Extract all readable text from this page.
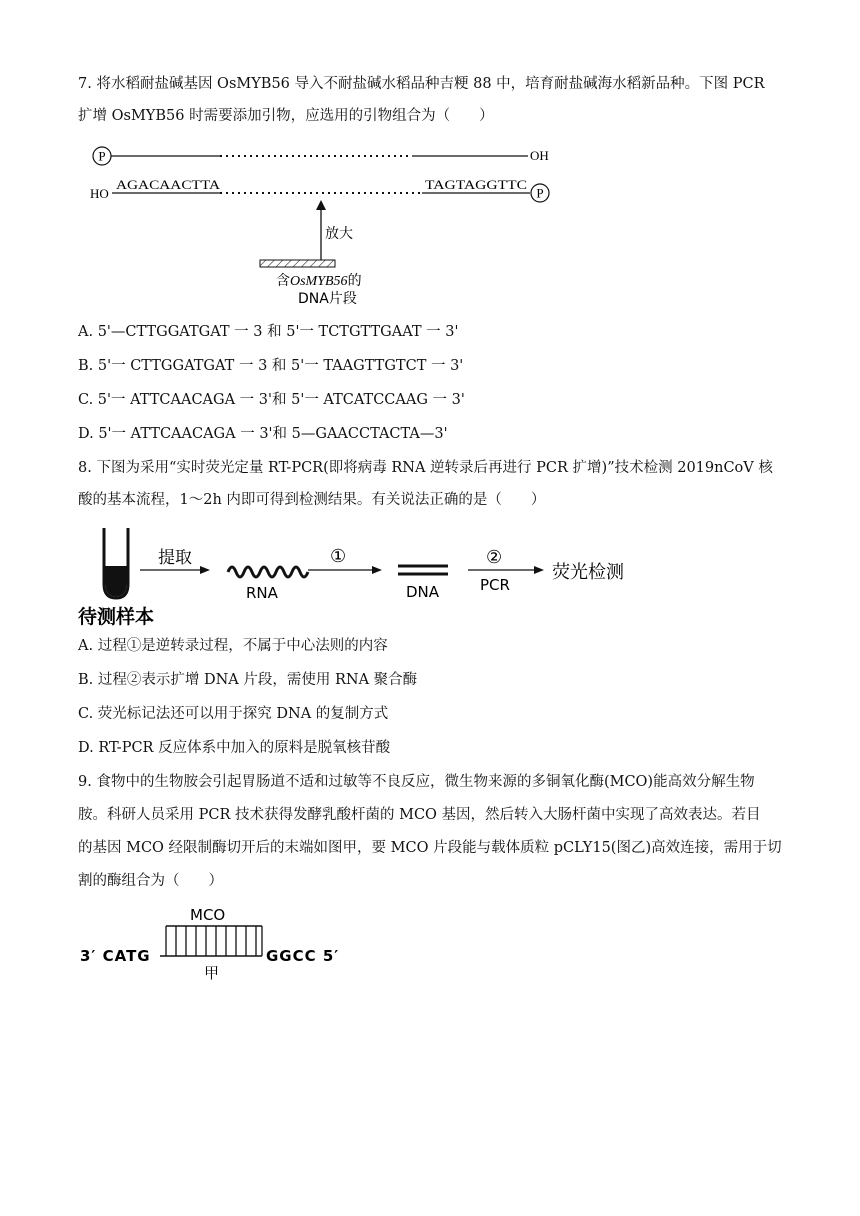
7. 将水稻耐盐碱基因 OsMYB56 导入不耐盐碱水稻品种吉粳 88 中，培育耐盐碱海水稻新品种。下图 PCR
扩增 OsMYB56 时需要添加引物，应选用的引物组合为（　　）
P	OH
HO
AGACAACTTA	TAGTAGGTTC
P
放大
含OsMYB56的
DNA片段
A. 5'—CTTGGATGAT 一 3 和 5'一 TCTGTTGAAT 一 3'
B. 5'一 CTTGGATGAT 一 3 和 5'一 TAAGTTGTCT 一 3'
C. 5'一 ATTCAACAGA 一 3'和 5'一 ATCATCCAAG 一 3'
D. 5'一 ATTCAACAGA 一 3'和 5—GAACCTACTA—3'
8. 下图为采用“实时荧光定量 RT-PCR(即将病毒 RNA 逆转录后再进行 PCR 扩增)”技术检测 2019nCoV 核
酸的基本流程，1～2h 内即可得到检测结果。有关说法正确的是（　　）
待测样本
提取
RNA
①
DNA
②
PCR
荧光检测
A. 过程①是逆转录过程，不属于中心法则的内容
B. 过程②表示扩增 DNA 片段，需使用 RNA 聚合酶
C. 荧光标记法还可以用于探究 DNA 的复制方式
D. RT-PCR 反应体系中加入的原料是脱氧核苷酸
9. 食物中的生物胺会引起胃肠道不适和过敏等不良反应，微生物来源的多铜氧化酶(MCO)能高效分解生物
胺。科研人员采用 PCR 技术获得发酵乳酸杆菌的 MCO 基因，然后转入大肠杆菌中实现了高效表达。若目
的基因 MCO 经限制酶切开后的末端如图甲，要 MCO 片段能与载体质粒 pCLY15(图乙)高效连接，需用于切
割的酶组合为（　　）
MCO
3′ CATG	GGCC 5′
甲
